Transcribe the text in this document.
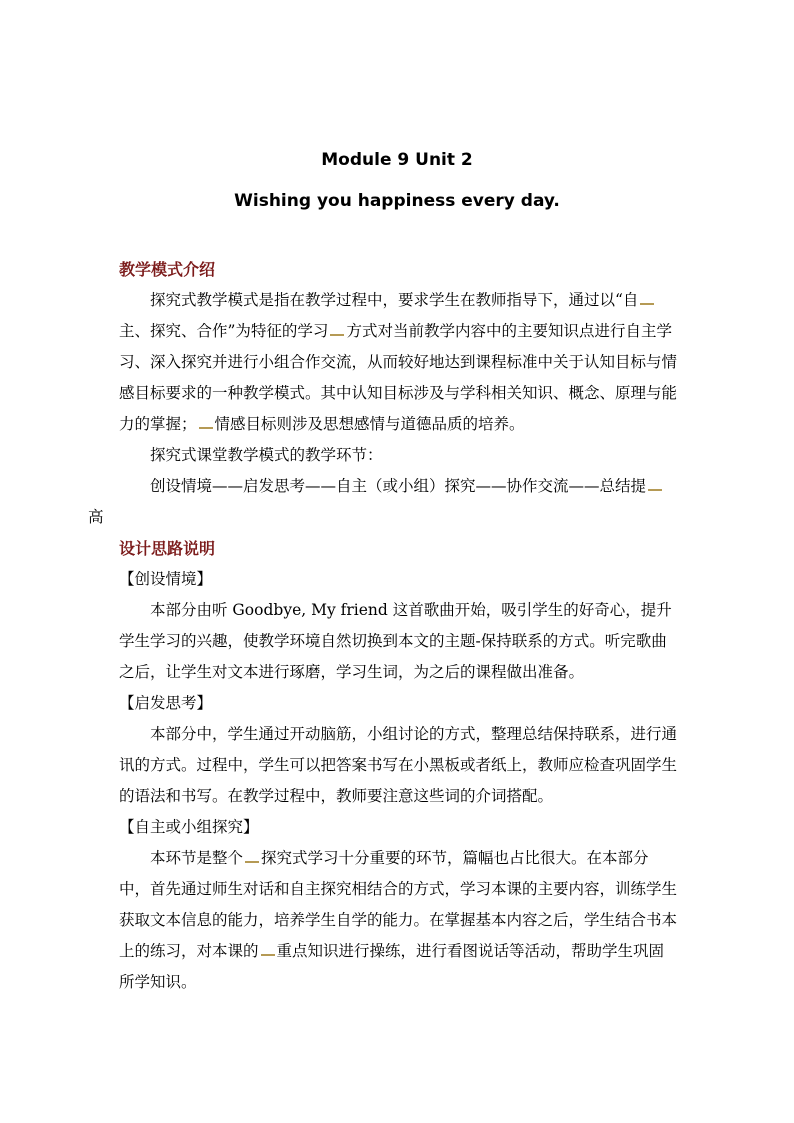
Module 9 Unit 2
Wishing you happiness every day.

教学模式介绍

探究式教学模式是指在教学过程中，要求学生在教师指导下，通过以“自主、探究、合作”为特征的学习 方式对当前教学内容中的主要知识点进行自主学习、深入探究并进行小组合作交流，从而较好地达到课程标准中关于认知目标与情感目标要求的一种教学模式。其中认知目标涉及与学科相关知识、概念、原理与能力的掌握； 情感目标则涉及思想感情与道德品质的培养。

探究式课堂教学模式的教学环节：

创设情境——启发思考——自主（或小组）探究——协作交流——总结提
高

设计思路说明

【创设情境】

本部分由听 Goodbye, My friend 这首歌曲开始，吸引学生的好奇心，提升学生学习的兴趣，使教学环境自然切换到本文的主题-保持联系的方式。听完歌曲之后，让学生对文本进行琢磨，学习生词，为之后的课程做出准备。

【启发思考】

本部分中，学生通过开动脑筋，小组讨论的方式，整理总结保持联系，进行通讯的方式。过程中，学生可以把答案书写在小黑板或者纸上，教师应检查巩固学生的语法和书写。在教学过程中，教师要注意这些词的介词搭配。

【自主或小组探究】

本环节是整个 探究式学习十分重要的环节，篇幅也占比很大。在本部分中，首先通过师生对话和自主探究相结合的方式，学习本课的主要内容，训练学生获取文本信息的能力，培养学生自学的能力。在掌握基本内容之后，学生结合书本上的练习，对本课的 重点知识进行操练，进行看图说话等活动，帮助学生巩固所学知识。
